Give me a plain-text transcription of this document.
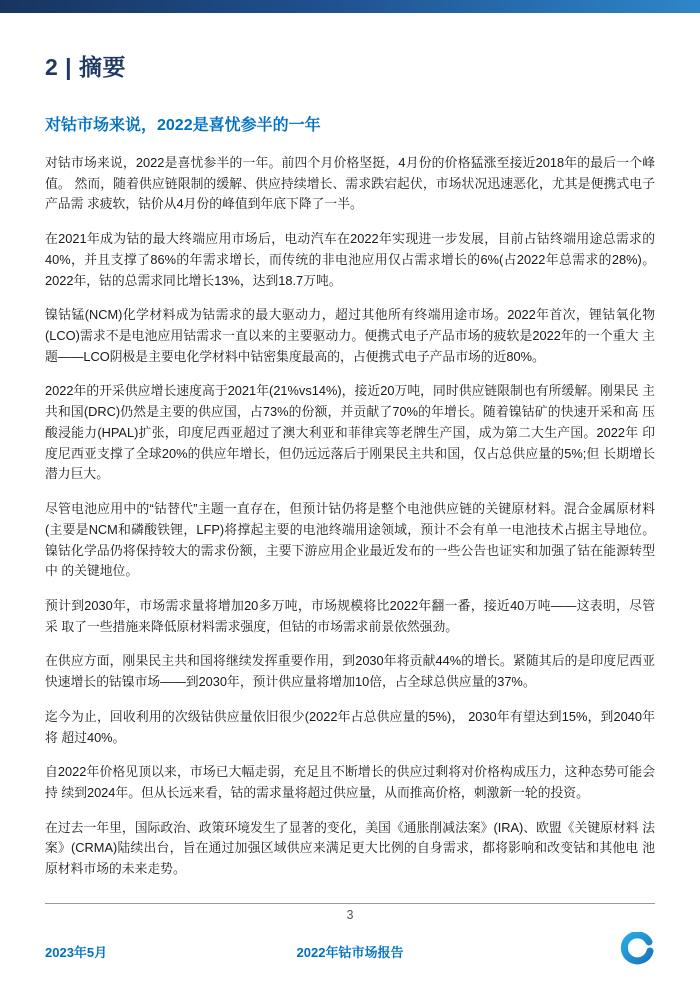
2 | 摘要
对钴市场来说，2022是喜忧参半的一年

对钴市场来说，2022是喜忧参半的一年。前四个月价格坚挺，4月份的价格猛涨至接近2018年的最后一个峰值。 然而，随着供应链限制的缓解、供应持续增长、需求跌宕起伏，市场状况迅速恶化，尤其是便携式电子产品需 求疲软，钴价从4月份的峰值到年底下降了一半。

在2021年成为钴的最大终端应用市场后，电动汽车在2022年实现进一步发展，目前占钴终端用途总需求的 40%，并且支撑了86%的年需求增长，而传统的非电池应用仅占需求增长的6%(占2022年总需求的28%)。 2022年，钴的总需求同比增长13%，达到18.7万吨。

镍钴锰(NCM)化学材料成为钴需求的最大驱动力，超过其他所有终端用途市场。2022年首次，锂钴氧化物 (LCO)需求不是电池应用钴需求一直以来的主要驱动力。便携式电子产品市场的疲软是2022年的一个重大 主题——LCO阴极是主要电化学材料中钴密集度最高的，占便携式电子产品市场的近80%。

2022年的开采供应增长速度高于2021年(21%vs14%)，接近20万吨，同时供应链限制也有所缓解。刚果民 主共和国(DRC)仍然是主要的供应国，占73%的份额，并贡献了70%的年增长。随着镍钴矿的快速开采和高 压酸浸能力(HPAL)扩张，印度尼西亚超过了澳大利亚和菲律宾等老牌生产国，成为第二大生产国。2022年 印度尼西亚支撑了全球20%的供应年增长，但仍远远落后于刚果民主共和国，仅占总供应量的5%;但 长期增长潜力巨大。

尽管电池应用中的“钴替代”主题一直存在，但预计钴仍将是整个电池供应链的关键原材料。混合金属原材料 (主要是NCM和磷酸铁锂，LFP)将撑起主要的电池终端用途领域，预计不会有单一电池技术占据主导地位。 镍钴化学品仍将保持较大的需求份额，主要下游应用企业最近发布的一些公告也证实和加强了钴在能源转型中 的关键地位。

预计到2030年，市场需求量将增加20多万吨，市场规模将比2022年翻一番，接近40万吨——这表明，尽管采 取了一些措施来降低原材料需求强度，但钴的市场需求前景依然强劲。

在供应方面，刚果民主共和国将继续发挥重要作用，到2030年将贡献44%的增长。紧随其后的是印度尼西亚 快速增长的钴镍市场——到2030年，预计供应量将增加10倍，占全球总供应量的37%。

迄今为止，回收利用的次级钴供应量依旧很少(2022年占总供应量的5%)， 2030年有望达到15%，到2040年将 超过40%。

自2022年价格见顶以来，市场已大幅走弱，充足且不断增长的供应过剩将对价格构成压力，这种态势可能会持 续到2024年。但从长远来看，钴的需求量将超过供应量，从而推高价格，刺激新一轮的投资。

在过去一年里，国际政治、政策环境发生了显著的变化，美国《通胀削减法案》(IRA)、欧盟《关键原材料 法案》(CRMA)陆续出台，旨在通过加强区域供应来满足更大比例的自身需求，都将影响和改变钴和其他电 池原材料市场的未来走势。

3
2023年5月	2022年钴市场报告
